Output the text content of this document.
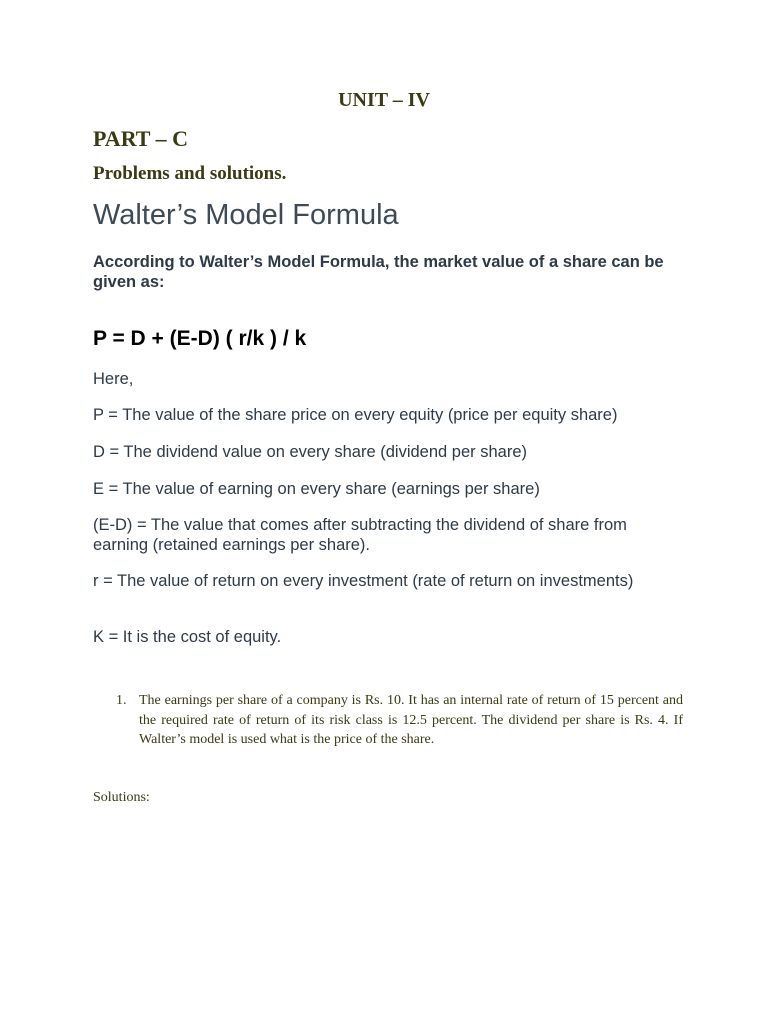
UNIT – IV
PART – C
Problems and solutions.
Walter’s Model Formula

According to Walter’s Model Formula, the market value of a share can be given as:

P = D + (E-D) ( r/k ) / k

Here,

P = The value of the share price on every equity (price per equity share)

D = The dividend value on every share (dividend per share)

E = The value of earning on every share (earnings per share)

(E-D) = The value that comes after subtracting the dividend of share from earning (retained earnings per share).

r = The value of return on every investment (rate of return on investments)

K = It is the cost of equity.

1. The earnings per share of a company is Rs. 10. It has an internal rate of return of 15 percent and the required rate of return of its risk class is 12.5 percent. The dividend per share is Rs. 4. If Walter’s model is used what is the price of the share.

Solutions:
